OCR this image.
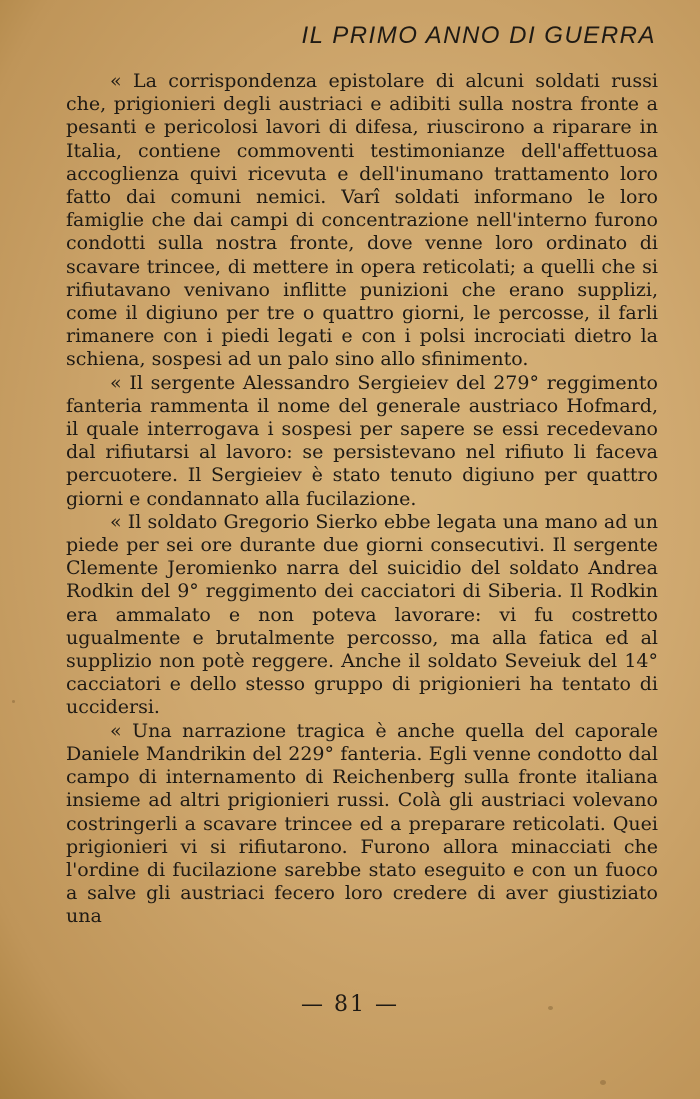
IL PRIMO ANNO DI GUERRA

« La corrispondenza epistolare di alcuni soldati russi che, prigionieri degli austriaci e adibiti sulla nostra fronte a pesanti e pericolosi lavori di difesa, riuscirono a riparare in Italia, contiene commoventi testimonianze dell'affettuosa accoglienza quivi ricevuta e dell'inumano trattamento loro fatto dai comuni nemici. Varî soldati informano le loro famiglie che dai campi di concentrazione nell'interno furono condotti sulla nostra fronte, dove venne loro ordinato di scavare trincee, di mettere in opera reticolati; a quelli che si rifiutavano venivano inflitte punizioni che erano supplizi, come il digiuno per tre o quattro giorni, le percosse, il farli rimanere con i piedi legati e con i polsi incrociati dietro la schiena, sospesi ad un palo sino allo sfinimento.

« Il sergente Alessandro Sergieiev del 279° reggimento fanteria rammenta il nome del generale austriaco Hofmard, il quale interrogava i sospesi per sapere se essi recedevano dal rifiutarsi al lavoro: se persistevano nel rifiuto li faceva percuotere. Il Sergieiev è stato tenuto digiuno per quattro giorni e condannato alla fucilazione.

« Il soldato Gregorio Sierko ebbe legata una mano ad un piede per sei ore durante due giorni consecutivi. Il sergente Clemente Jeromienko narra del suicidio del soldato Andrea Rodkin del 9° reggimento dei cacciatori di Siberia. Il Rodkin era ammalato e non poteva lavorare: vi fu costretto ugualmente e brutalmente percosso, ma alla fatica ed al supplizio non potè reggere. Anche il soldato Seveiuk del 14° cacciatori e dello stesso gruppo di prigionieri ha tentato di uccidersi.

« Una narrazione tragica è anche quella del caporale Daniele Mandrikin del 229° fanteria. Egli venne condotto dal campo di internamento di Reichenberg sulla fronte italiana insieme ad altri prigionieri russi. Colà gli austriaci volevano costringerli a scavare trincee ed a preparare reticolati. Quei prigionieri vi si rifiutarono. Furono allora minacciati che l'ordine di fucilazione sarebbe stato eseguito e con un fuoco a salve gli austriaci fecero loro credere di aver giustiziato una

— 81 —
